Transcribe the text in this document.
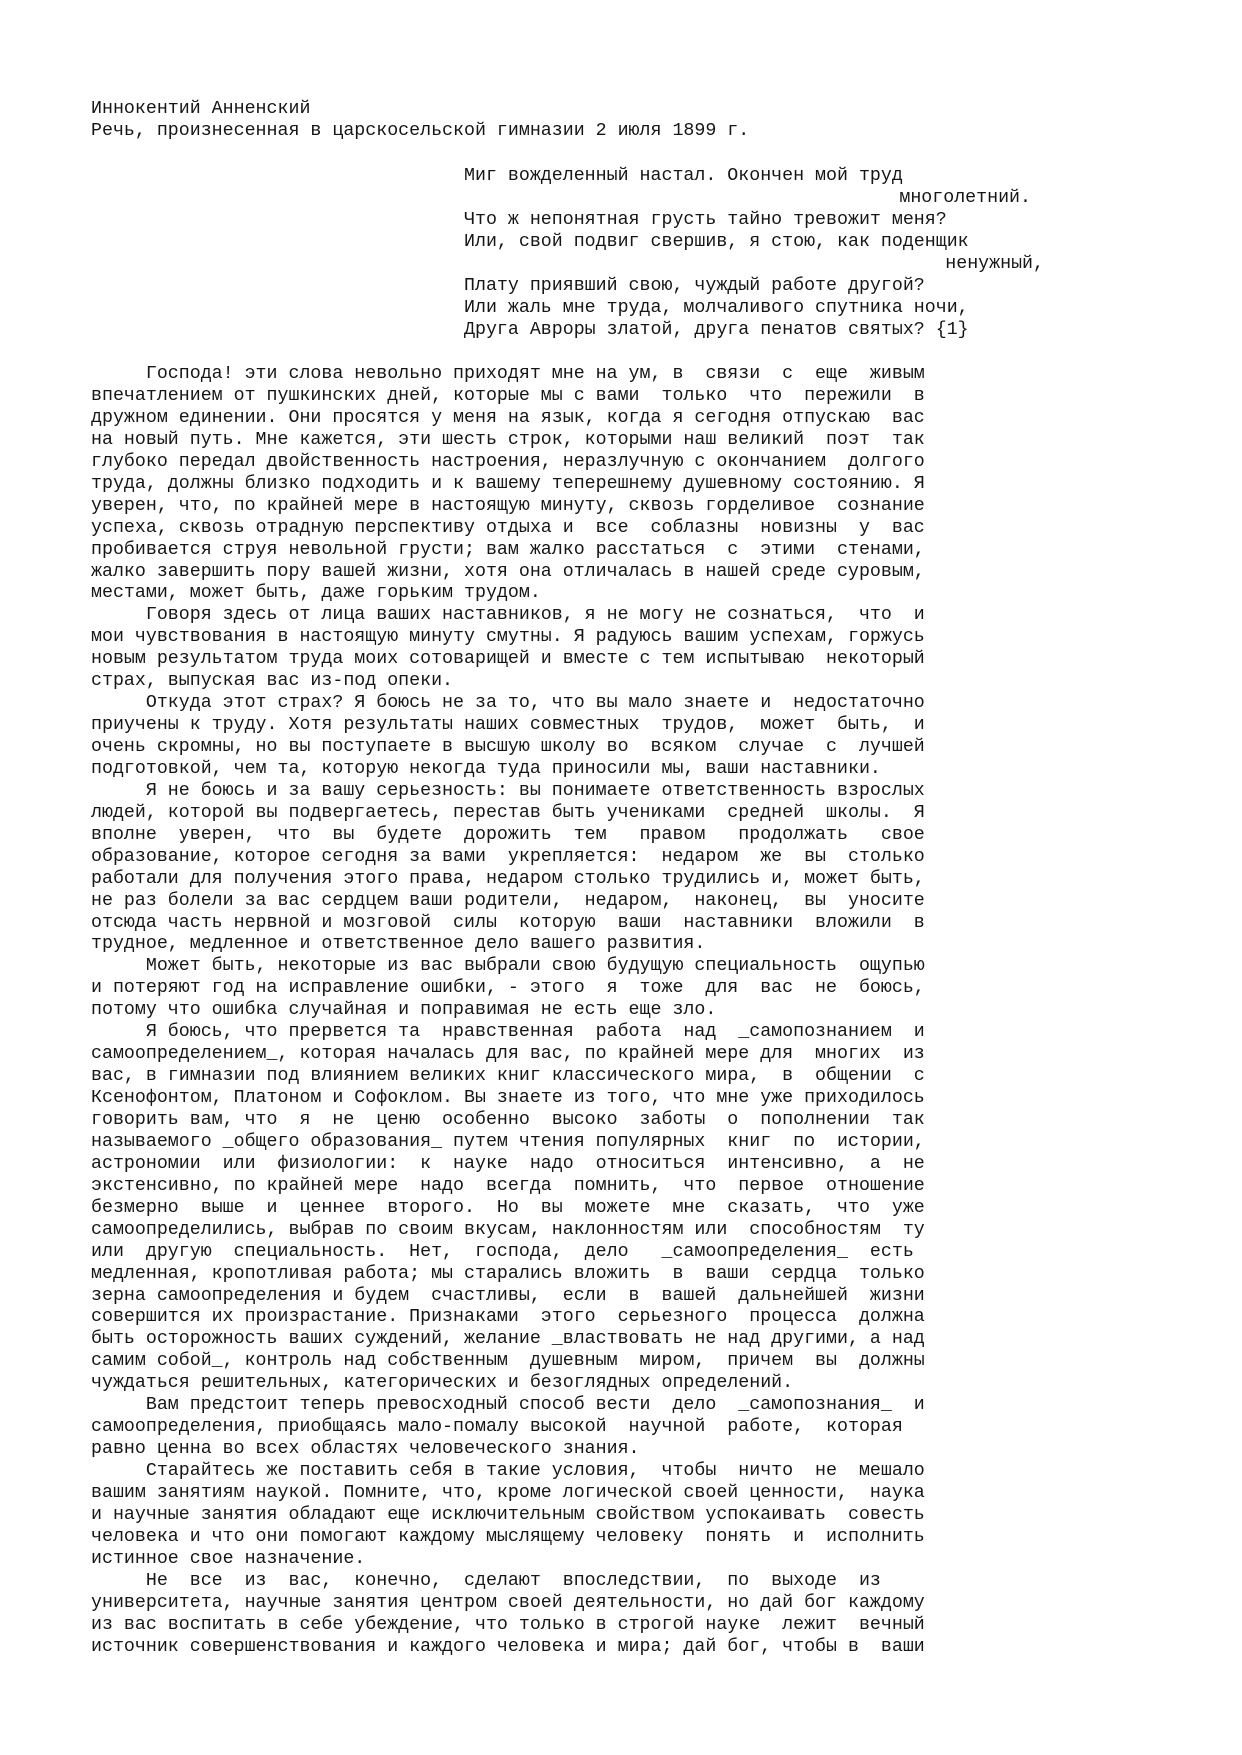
Иннокентий Анненский
Речь, произнесенная в царскосельской гимназии 2 июля 1899 г.
Миг вожделенный настал. Окончен мой труд
многолетний.
Что ж непонятная грусть тайно тревожит меня?
Или, свой подвиг свершив, я стою, как поденщик
ненужный,
Плату приявший свою, чуждый работе другой?
Или жаль мне труда, молчаливого спутника ночи,
Друга Авроры златой, друга пенатов святых? {1}
Господа! эти слова невольно приходят мне на ум, в  связи  с  еще  живым
впечатлением от пушкинских дней, которые мы с вами  только  что  пережили  в
дружном единении. Они просятся у меня на язык, когда я сегодня отпускаю  вас
на новый путь. Мне кажется, эти шесть строк, которыми наш великий  поэт  так
глубоко передал двойственность настроения, неразлучную с окончанием  долгого
труда, должны близко подходить и к вашему теперешнему душевному состоянию. Я
уверен, что, по крайней мере в настоящую минуту, сквозь горделивое  сознание
успеха, сквозь отрадную перспективу отдыха и  все  соблазны  новизны  у  вас
пробивается струя невольной грусти; вам жалко расстаться  с  этими  стенами,
жалко завершить пору вашей жизни, хотя она отличалась в нашей среде суровым,
местами, может быть, даже горьким трудом.
Говоря здесь от лица ваших наставников, я не могу не сознаться,  что  и
мои чувствования в настоящую минуту смутны. Я радуюсь вашим успехам, горжусь
новым результатом труда моих сотоварищей и вместе с тем испытываю  некоторый
страх, выпуская вас из-под опеки.
Откуда этот страх? Я боюсь не за то, что вы мало знаете и  недостаточно
приучены к труду. Хотя результаты наших совместных  трудов,  может  быть,  и
очень скромны, но вы поступаете в высшую школу во  всяком  случае  с  лучшей
подготовкой, чем та, которую некогда туда приносили мы, ваши наставники.
Я не боюсь и за вашу серьезность: вы понимаете ответственность взрослых
людей, которой вы подвергаетесь, перестав быть учениками  средней  школы.  Я
вполне  уверен,  что  вы  будете  дорожить  тем   правом   продолжать   свое
образование, которое сегодня за вами  укрепляется:  недаром  же  вы  столько
работали для получения этого права, недаром столько трудились и, может быть,
не раз болели за вас сердцем ваши родители,  недаром,  наконец,  вы  уносите
отсюда часть нервной и мозговой  силы  которую  ваши  наставники  вложили  в
трудное, медленное и ответственное дело вашего развития.
Может быть, некоторые из вас выбрали свою будущую специальность  ощупью
и потеряют год на исправление ошибки, - этого  я  тоже  для  вас  не  боюсь,
потому что ошибка случайная и поправимая не есть еще зло.
Я боюсь, что прервется та  нравственная  работа  над  _самопознанием  и
самоопределением_, которая началась для вас, по крайней мере для  многих  из
вас, в гимназии под влиянием великих книг классического мира,  в  общении  с
Ксенофонтом, Платоном и Софоклом. Вы знаете из того, что мне уже приходилось
говорить вам, что  я  не  ценю  особенно  высоко  заботы  о  пополнении  так
называемого _общего образования_ путем чтения популярных  книг  по  истории,
астрономии  или  физиологии:  к  науке  надо  относиться  интенсивно,  а  не
экстенсивно, по крайней мере  надо  всегда  помнить,  что  первое  отношение
безмерно  выше  и  ценнее  второго.  Но  вы  можете  мне  сказать,  что  уже
самоопределились, выбрав по своим вкусам, наклонностям или  способностям  ту
или  другую  специальность.  Нет,  господа,  дело   _самоопределения_  есть
медленная, кропотливая работа; мы старались вложить  в  ваши  сердца  только
зерна самоопределения и будем  счастливы,  если  в  вашей  дальнейшей  жизни
совершится их произрастание. Признаками  этого  серьезного  процесса  должна
быть осторожность ваших суждений, желание _властвовать не над другими, а над
самим собой_, контроль над собственным  душевным  миром,  причем  вы  должны
чуждаться решительных, категорических и безоглядных определений.
Вам предстоит теперь превосходный способ вести  дело  _самопознания_  и
самоопределения, приобщаясь мало-помалу высокой  научной  работе,  которая
равно ценна во всех областях человеческого знания.
Старайтесь же поставить себя в такие условия,  чтобы  ничто  не  мешало
вашим занятиям наукой. Помните, что, кроме логической своей ценности,  наука
и научные занятия обладают еще исключительным свойством успокаивать  совесть
человека и что они помогают каждому мыслящему человеку  понять  и  исполнить
истинное свое назначение.
Не  все  из  вас,  конечно,  сделают  впоследствии,  по  выходе  из
университета, научные занятия центром своей деятельности, но дай бог каждому
из вас воспитать в себе убеждение, что только в строгой науке  лежит  вечный
источник совершенствования и каждого человека и мира; дай бог, чтобы в  ваши
